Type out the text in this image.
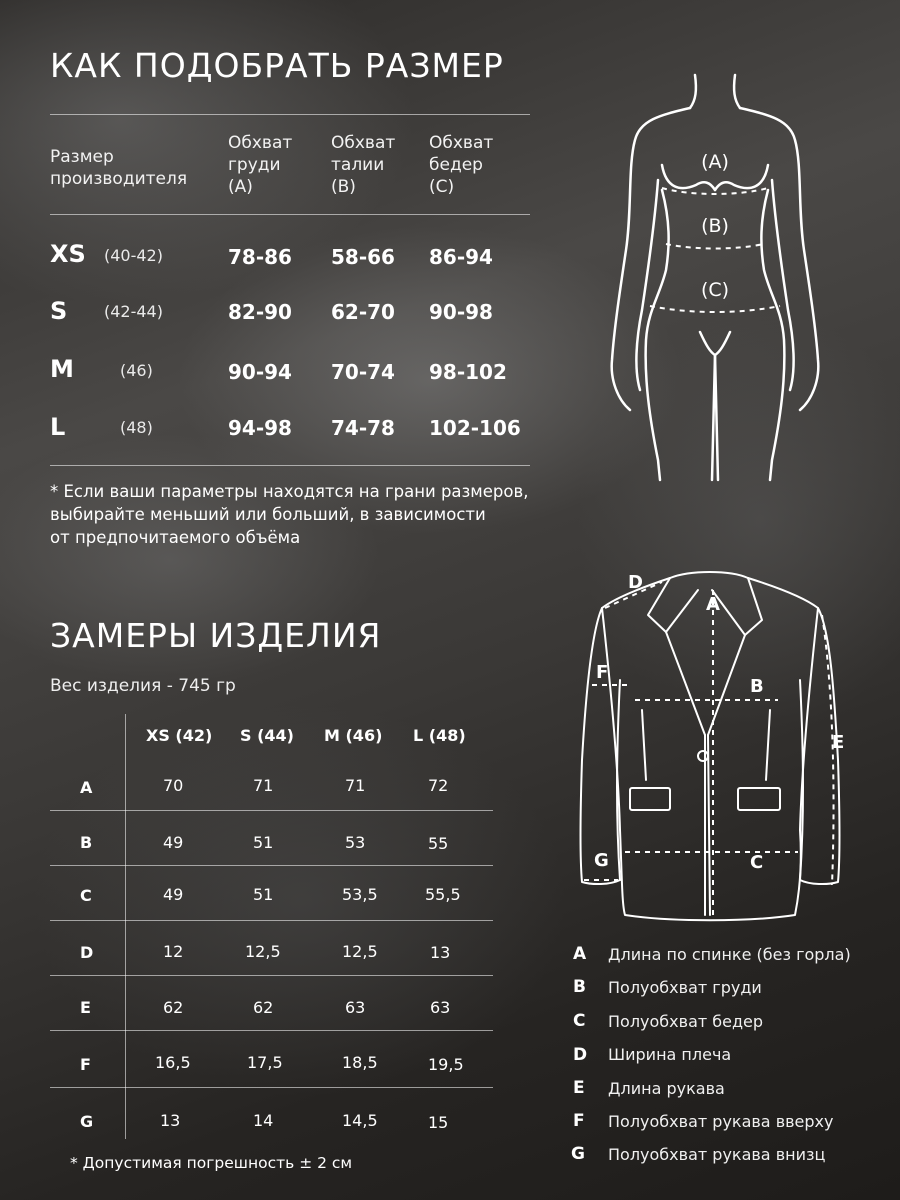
КАК ПОДОБРАТЬ РАЗМЕР
Размер
производителя
Обхват
груди
(А)
Обхват
талии
(В)
Обхват
бедер
(С)
XS (40-42)	78-86 58-66 86-94
S (42-44)	82-90 62-70 90-98
M	(46)	90-94 70-74 98-102
L	(48)	94-98 74-78 102-106
* Если ваши параметры находятся на грани размеров,
выбирайте меньший или больший, в зависимости
от предпочитаемого объёма
(A)
(B)
(C)
ЗАМЕРЫ ИЗДЕЛИЯ
Вес изделия - 745 гр
XS (42) S (44) M (46) L (48)
A	70	71	71	72
B	49	51	53	55
C	49	51	53,5	55,5
D	12	12,5	12,5	13
E	62	62	63	63
F	16,5	17,5	18,5	19,5
G	13	14	14,5	15
* Допустимая погрешность ± 2 см
D
A
F
B
E
G	C
A Длина по спинке (без горла)
B Полуобхват груди
C Полуобхват бедер
D Ширина плеча
E Длина рукава
F Полуобхват рукава вверху
G Полуобхват рукава внизц
